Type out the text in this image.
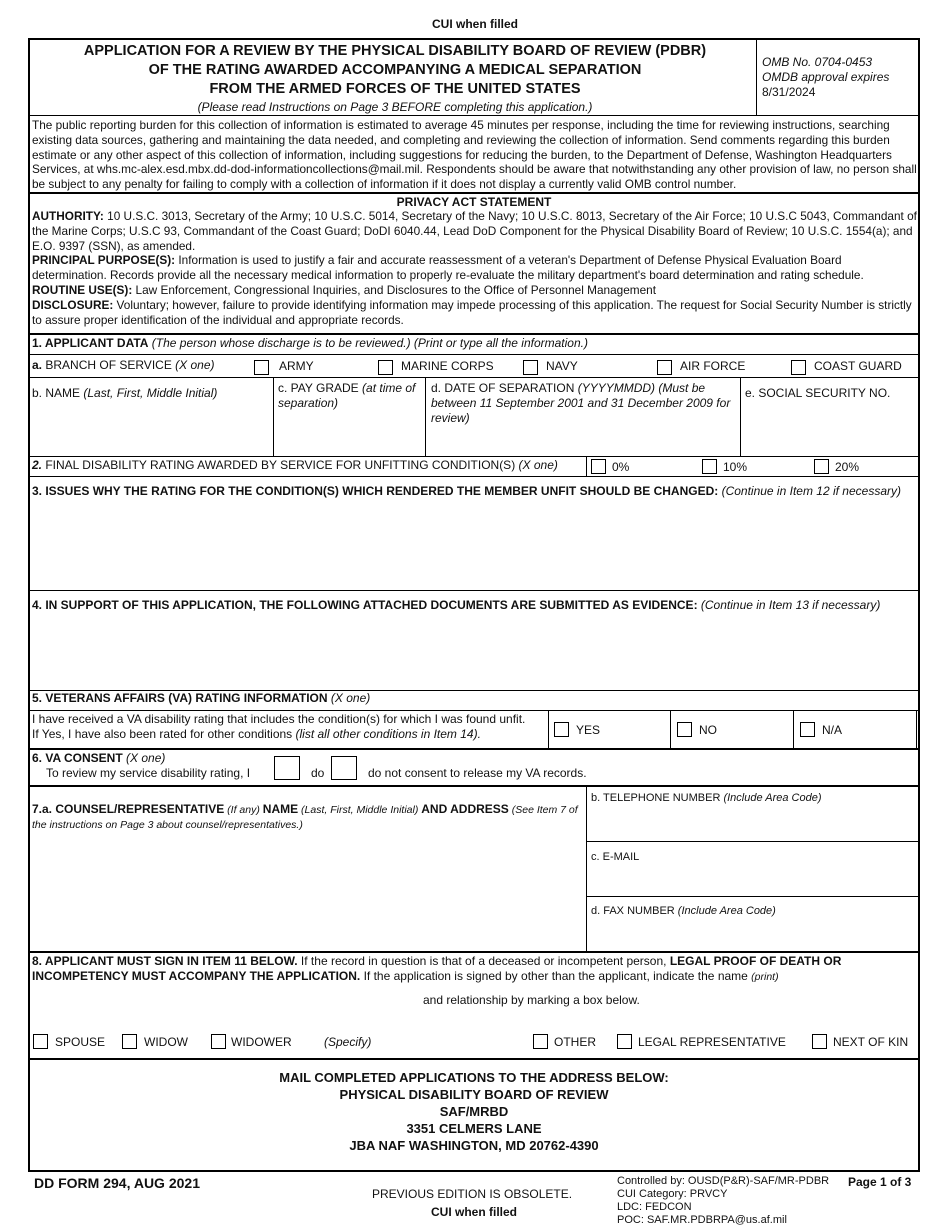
CUI when filled
APPLICATION FOR A REVIEW BY THE PHYSICAL DISABILITY BOARD OF REVIEW (PDBR)
OF THE RATING AWARDED ACCOMPANYING A MEDICAL SEPARATION
FROM THE ARMED FORCES OF THE UNITED STATES
(Please read Instructions on Page 3 BEFORE completing this application.)
OMB No. 0704-0453
OMDB approval expires
8/31/2024
The public reporting burden for this collection of information is estimated to average 45 minutes per response, including the time for reviewing instructions, searching existing data sources, gathering and maintaining the data needed, and completing and reviewing the collection of information. Send comments regarding this burden estimate or any other aspect of this collection of information, including suggestions for reducing the burden, to the Department of Defense, Washington Headquarters Services, at whs.mc-alex.esd.mbx.dd-dod-informationcollections@mail.mil. Respondents should be aware that notwithstanding any other provision of law, no person shall be subject to any penalty for failing to comply with a collection of information if it does not display a currently valid OMB control number.
PRIVACY ACT STATEMENT
AUTHORITY: 10 U.S.C. 3013, Secretary of the Army; 10 U.S.C. 5014, Secretary of the Navy; 10 U.S.C. 8013, Secretary of the Air Force; 10 U.S.C 5043, Commandant of the Marine Corps; U.S.C 93, Commandant of the Coast Guard; DoDI 6040.44, Lead DoD Component for the Physical Disability Board of Review; 10 U.S.C. 1554(a); and E.O. 9397 (SSN), as amended.
PRINCIPAL PURPOSE(S): Information is used to justify a fair and accurate reassessment of a veteran's Department of Defense Physical Evaluation Board determination. Records provide all the necessary medical information to properly re-evaluate the military department's board determination and rating schedule.
ROUTINE USE(S): Law Enforcement, Congressional Inquiries, and Disclosures to the Office of Personnel Management
DISCLOSURE: Voluntary; however, failure to provide identifying information may impede processing of this application. The request for Social Security Number is strictly to assure proper identification of the individual and appropriate records.
1. APPLICANT DATA (The person whose discharge is to be reviewed.) (Print or type all the information.)
a. BRANCH OF SERVICE (X one)	ARMY	MARINE CORPS	NAVY	AIR FORCE	COAST GUARD
b. NAME (Last, First, Middle Initial)	c. PAY GRADE (at time of separation)
d. DATE OF SEPARATION (YYYYMMDD) (Must be between 11 September 2001 and 31 December 2009 for review)
e. SOCIAL SECURITY NO.
2. FINAL DISABILITY RATING AWARDED BY SERVICE FOR UNFITTING CONDITION(S) (X one)	0%	10%	20%
3. ISSUES WHY THE RATING FOR THE CONDITION(S) WHICH RENDERED THE MEMBER UNFIT SHOULD BE CHANGED: (Continue in Item 12 if necessary)
4. IN SUPPORT OF THIS APPLICATION, THE FOLLOWING ATTACHED DOCUMENTS ARE SUBMITTED AS EVIDENCE: (Continue in Item 13 if necessary)
5. VETERANS AFFAIRS (VA) RATING INFORMATION (X one)
I have received a VA disability rating that includes the condition(s) for which I was found unfit.
If Yes, I have also been rated for other conditions (list all other conditions in Item 14).	YES	NO	N/A
6. VA CONSENT (X one)
To review my service disability rating, I	do	do not consent to release my VA records.
7.a. COUNSEL/REPRESENTATIVE (If any) NAME (Last, First, Middle Initial) AND ADDRESS (See Item 7 of the instructions on Page 3 about counsel/representatives.)
b. TELEPHONE NUMBER (Include Area Code)
c. E-MAIL
d. FAX NUMBER (Include Area Code)
8. APPLICANT MUST SIGN IN ITEM 11 BELOW. If the record in question is that of a deceased or incompetent person, LEGAL PROOF OF DEATH OR INCOMPETENCY MUST ACCOMPANY THE APPLICATION. If the application is signed by other than the applicant, indicate the name (print)
and relationship by marking a box below.
SPOUSE	WIDOW	WIDOWER	(Specify)	OTHER	LEGAL REPRESENTATIVE	NEXT OF KIN
MAIL COMPLETED APPLICATIONS TO THE ADDRESS BELOW:
PHYSICAL DISABILITY BOARD OF REVIEW
SAF/MRBD
3351 CELMERS LANE
JBA NAF WASHINGTON, MD 20762-4390
DD FORM 294, AUG 2021
PREVIOUS EDITION IS OBSOLETE.
CUI when filled
Controlled by: OUSD(P&R)-SAF/MR-PDBR
CUI Category: PRVCY
LDC: FEDCON
POC: SAF.MR.PDBRPA@us.af.mil
Page 1 of 3
